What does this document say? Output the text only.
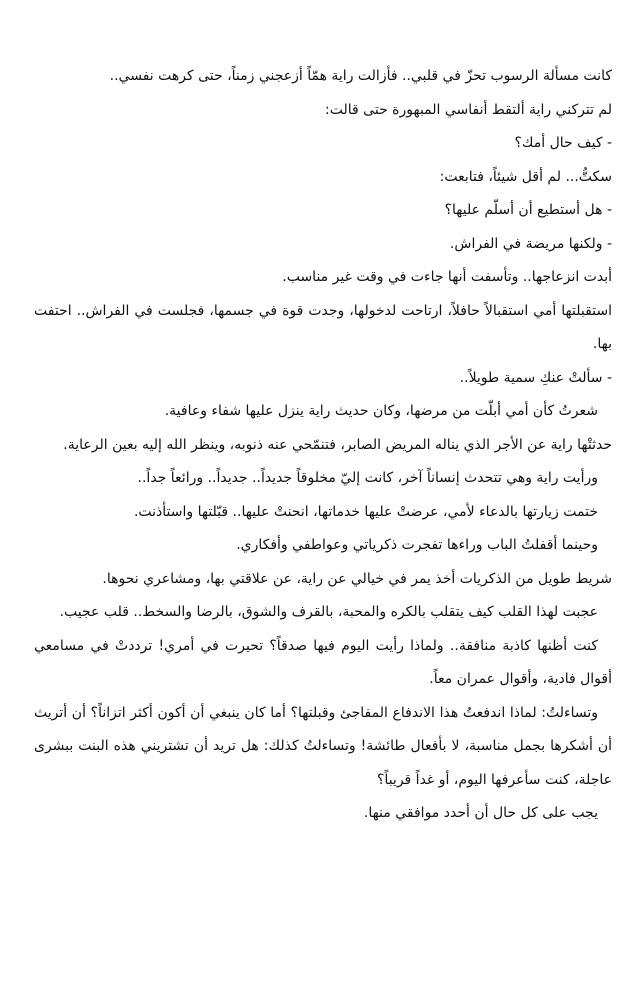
كانت مسألة الرسوب تحزّ في قلبي.. فأزالت راية همّاً أزعجني زمناً، حتى كرهت نفسي..

لم تتركني راية ألتقط أنفاسي المبهورة حتى قالت:

- كيف حال أمك؟

سكتُّ... لم أقل شيئاً، فتابعت:

- هل أستطيع أن أسلّم عليها؟

- ولكنها مريضة في الفراش.

أبدت انزعاجها.. وتأسفت أنها جاءت في وقت غير مناسب.

استقبلتها أمي استقبالاً حافلاً، ارتاحت لدخولها، وجدت قوة في جسمها، فجلست في الفراش.. احتفت بها.

- سألتْ عنكِ سمية طويلاً..

شعرتُ كأن أمي أبلّت من مرضها، وكان حديث راية ينزل عليها شفاء وعافية.

حدثتْها راية عن الأجر الذي يناله المريض الصابر، فتنمّحي عنه ذنوبه، وينظر الله إليه بعين الرعاية.

ورأيت راية وهي تتحدث إنساناً آخر، كانت إليّ مخلوقاً جديداً.. جديداً.. ورائعاً جداً..

ختمت زيارتها بالدعاء لأمي، عرضتْ عليها خدماتها، انحنتْ عليها.. قبّلتها واستأذنت.

وحينما أقفلتُ الباب وراءها تفجرت ذكرياتي وعواطفي وأفكاري.

شريط طويل من الذكريات أخذ يمر في خيالي عن راية، عن علاقتي بها، ومشاعري نحوها.

عجبت لهذا القلب كيف يتقلب بالكره والمحبة، بالقرف والشوق، بالرضا والسخط.. قلب عجيب.

كنت أظنها كاذبة منافقة.. ولماذا رأيت اليوم فيها صدقاً؟ تحيرت في أمري! ترددتْ في مسامعي أقوال فادية، وأقوال عمران معاً.

وتساءلتُ: لماذا اندفعتُ هذا الاندفاع المفاجئ وقبلتها؟ أما كان ينبغي أن أكون أكثر اتزاناً؟ أن أتريث أن أشكرها بجمل مناسبة، لا بأفعال طائشة! وتساءلتُ كذلك: هل تريد أن تشتريني هذه البنت ببشرى عاجلة، كنت سأعرفها اليوم، أو غداً قريباً؟

يجب على كل حال أن أحدد موافقي منها.
